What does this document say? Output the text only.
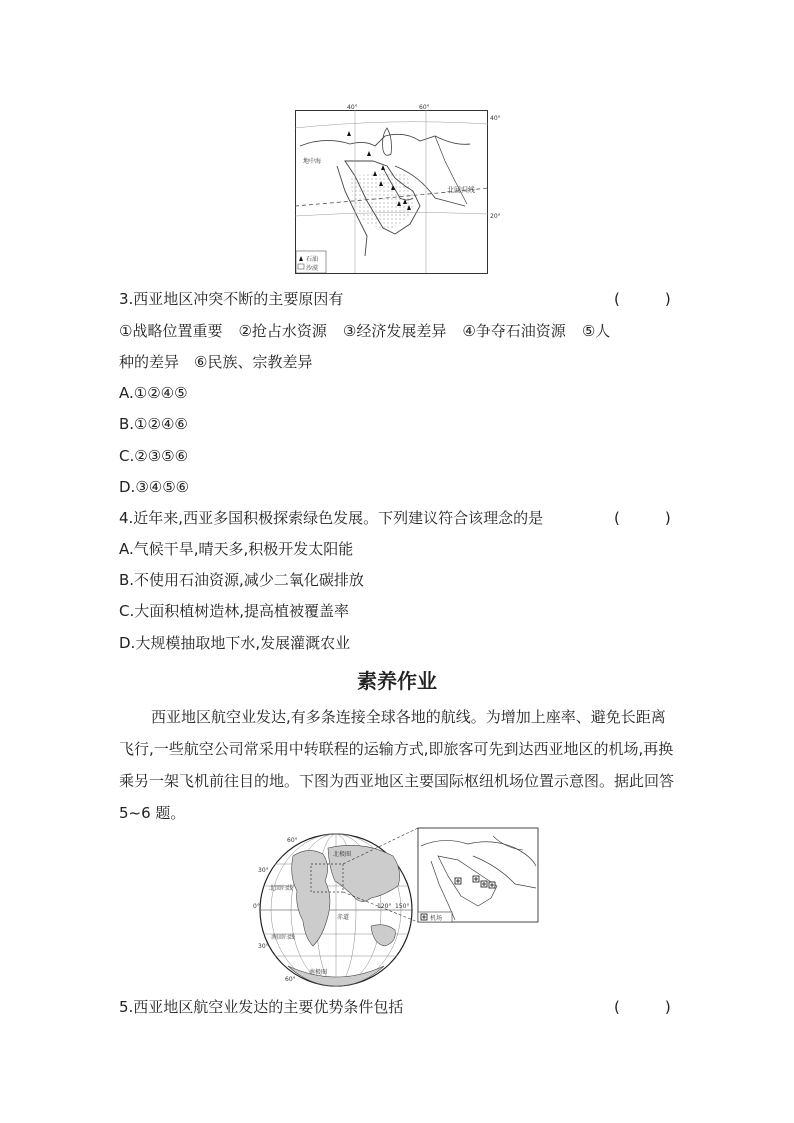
40°	60°
40°
20°
北回归线
地中海
石油
沙漠
3.西亚地区冲突不断的主要原因有	(　　　)
①战略位置重要 ②抢占水资源 ③经济发展差异 ④争夺石油资源 ⑤人
种的差异　⑥民族、宗教差异
A.①②④⑤
B.①②④⑥
C.②③⑤⑥
D.③④⑤⑥
4.近年来,西亚多国积极探索绿色发展。下列建议符合该理念的是	(　　　)
A.气候干旱,晴天多,积极开发太阳能
B.不使用石油资源,减少二氧化碳排放
C.大面积植树造林,提高植被覆盖率
D.大规模抽取地下水,发展灌溉农业
素养作业
西亚地区航空业发达,有多条连接全球各地的航线。为增加上座率、避免长距离飞行,一些航空公司常采用中转联程的运输方式,即旅客可先到达西亚地区的机场,再换乘另一架飞机前往目的地。下图为西亚地区主要国际枢纽机场位置示意图。据此回答 5~6 题。
60°
30°
0°
30°
60°
120° 150°
北极圈
北回归线
赤道
南回归线
南极圈
机场
5.西亚地区航空业发达的主要优势条件包括	(　　　)
